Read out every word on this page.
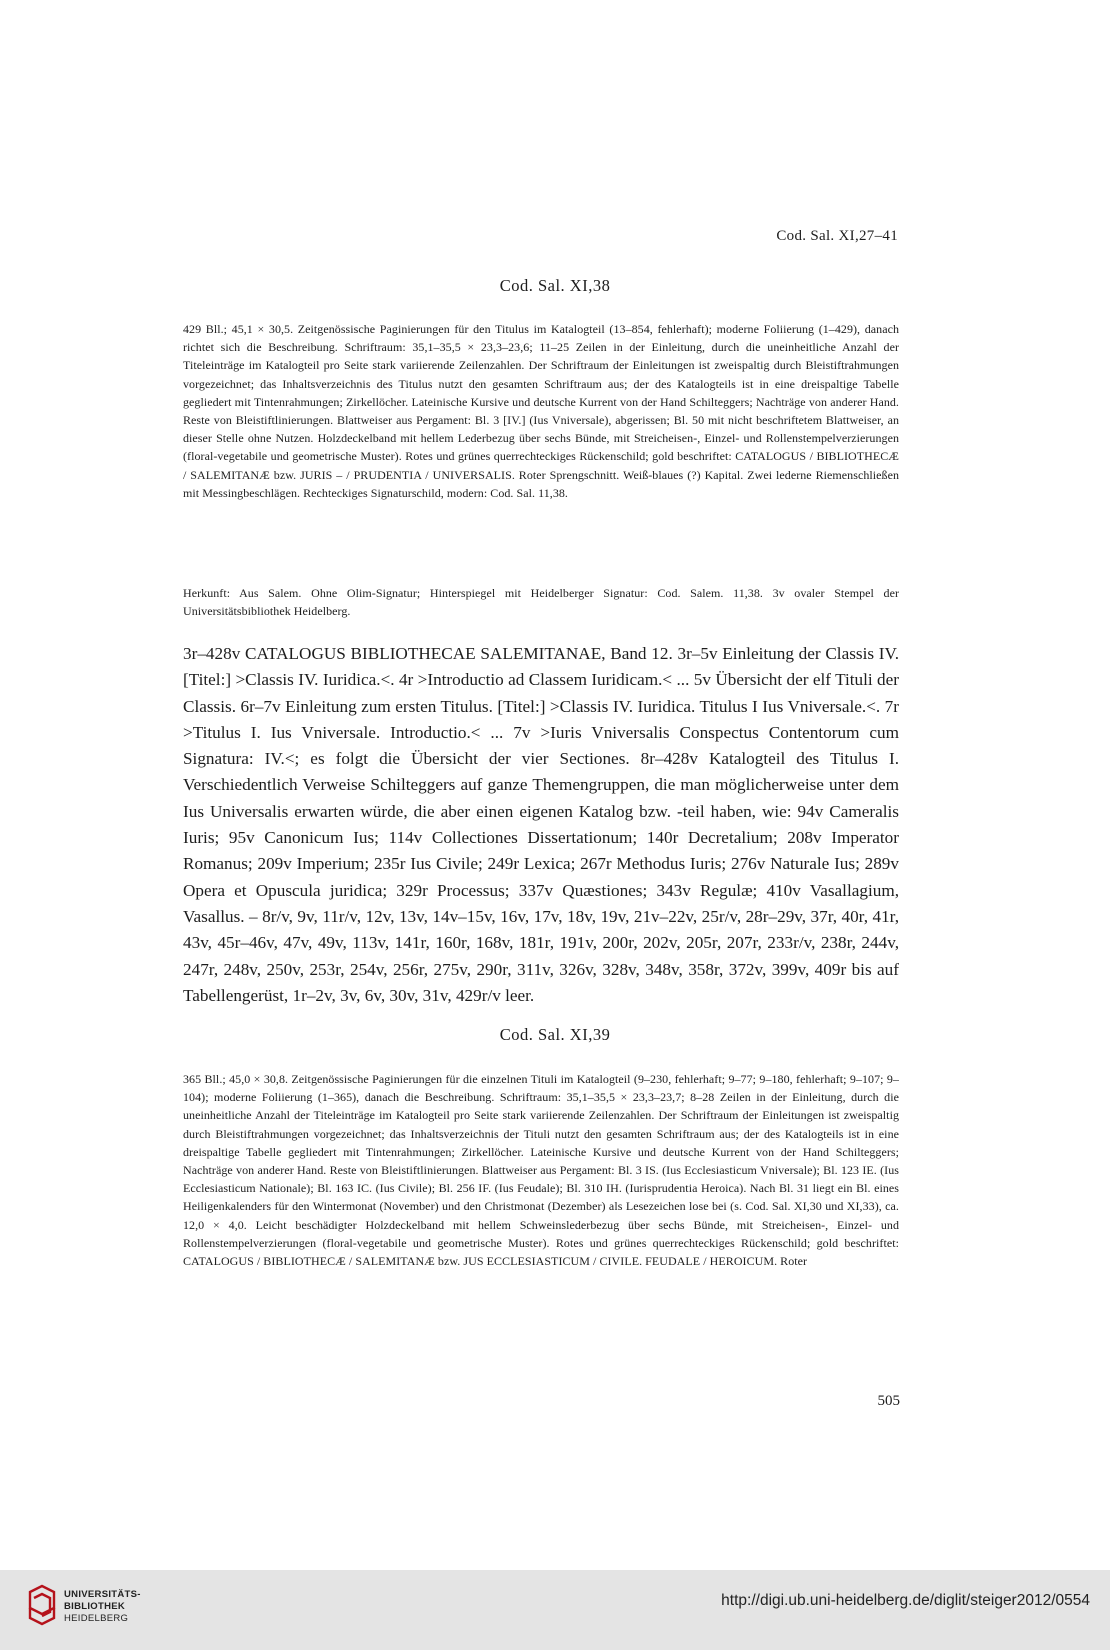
Cod. Sal. XI,27–41
Cod. Sal. XI,38
429 Bll.; 45,1 × 30,5. Zeitgenössische Paginierungen für den Titulus im Katalogteil (13–854, fehlerhaft); moderne Foliierung (1–429), danach richtet sich die Beschreibung. Schriftraum: 35,1–35,5 × 23,3–23,6; 11–25 Zeilen in der Einleitung, durch die uneinheitliche Anzahl der Titeleinträge im Katalogteil pro Seite stark variierende Zeilenzahlen. Der Schriftraum der Einleitungen ist zweispaltig durch Bleistiftrahmungen vorgezeichnet; das Inhaltsverzeichnis des Titulus nutzt den gesamten Schriftraum aus; der des Katalogteils ist in eine dreispaltige Tabelle gegliedert mit Tintenrahmungen; Zirkellöcher. Lateinische Kursive und deutsche Kurrent von der Hand Schilteggers; Nachträge von anderer Hand. Reste von Bleistiftlinierungen. Blattweiser aus Pergament: Bl. 3 [IV.] (Ius Vniversale), abgerissen; Bl. 50 mit nicht beschriftetem Blattweiser, an dieser Stelle ohne Nutzen. Holzdeckelband mit hellem Lederbezug über sechs Bünde, mit Streicheisen-, Einzel- und Rollenstempelverzierungen (floral-vegetabile und geometrische Muster). Rotes und grünes querrechteckiges Rückenschild; gold beschriftet: CATALOGUS / BIBLIOTHECÆ / SALEMITANÆ bzw. JURIS – / PRUDENTIA / UNIVERSALIS. Roter Sprengschnitt. Weiß-blaues (?) Kapital. Zwei lederne Riemenschließen mit Messingbeschlägen. Rechteckiges Signaturschild, modern: Cod. Sal. 11,38.
Herkunft: Aus Salem. Ohne Olim-Signatur; Hinterspiegel mit Heidelberger Signatur: Cod. Salem. 11,38. 3v ovaler Stempel der Universitätsbibliothek Heidelberg.
3r–428v CATALOGUS BIBLIOTHECAE SALEMITANAE, Band 12. 3r–5v Einleitung der Classis IV. [Titel:] >Classis IV. Iuridica.<. 4r >Introductio ad Classem Iuridicam.< ... 5v Übersicht der elf Tituli der Classis. 6r–7v Einleitung zum ersten Titulus. [Titel:] >Classis IV. Iuridica. Titulus I Ius Vniversale.<. 7r >Titulus I. Ius Vniversale. Introductio.< ... 7v >Iuris Vniversalis Conspectus Contentorum cum Signatura: IV.<; es folgt die Übersicht der vier Sectiones. 8r–428v Katalogteil des Titulus I. Verschiedentlich Verweise Schilteggers auf ganze Themengruppen, die man möglicherweise unter dem Ius Universalis erwarten würde, die aber einen eigenen Katalog bzw. -teil haben, wie: 94v Cameralis Iuris; 95v Canonicum Ius; 114v Collectiones Dissertationum; 140r Decretalium; 208v Imperator Romanus; 209v Imperium; 235r Ius Civile; 249r Lexica; 267r Methodus Iuris; 276v Naturale Ius; 289v Opera et Opuscula juridica; 329r Processus; 337v Quæstiones; 343v Regulæ; 410v Vasallagium, Vasallus. – 8r/v, 9v, 11r/v, 12v, 13v, 14v–15v, 16v, 17v, 18v, 19v, 21v–22v, 25r/v, 28r–29v, 37r, 40r, 41r, 43v, 45r–46v, 47v, 49v, 113v, 141r, 160r, 168v, 181r, 191v, 200r, 202v, 205r, 207r, 233r/v, 238r, 244v, 247r, 248v, 250v, 253r, 254v, 256r, 275v, 290r, 311v, 326v, 328v, 348v, 358r, 372v, 399v, 409r bis auf Tabellengerüst, 1r–2v, 3v, 6v, 30v, 31v, 429r/v leer.
Cod. Sal. XI,39
365 Bll.; 45,0 × 30,8. Zeitgenössische Paginierungen für die einzelnen Tituli im Katalogteil (9–230, fehlerhaft; 9–77; 9–180, fehlerhaft; 9–107; 9–104); moderne Foliierung (1–365), danach die Beschreibung. Schriftraum: 35,1–35,5 × 23,3–23,7; 8–28 Zeilen in der Einleitung, durch die uneinheitliche Anzahl der Titeleinträge im Katalogteil pro Seite stark variierende Zeilenzahlen. Der Schriftraum der Einleitungen ist zweispaltig durch Bleistiftrahmungen vorgezeichnet; das Inhaltsverzeichnis der Tituli nutzt den gesamten Schriftraum aus; der des Katalogteils ist in eine dreispaltige Tabelle gegliedert mit Tintenrahmungen; Zirkellöcher. Lateinische Kursive und deutsche Kurrent von der Hand Schilteggers; Nachträge von anderer Hand. Reste von Bleistiftlinierungen. Blattweiser aus Pergament: Bl. 3 IS. (Ius Ecclesiasticum Vniversale); Bl. 123 IE. (Ius Ecclesiasticum Nationale); Bl. 163 IC. (Ius Civile); Bl. 256 IF. (Ius Feudale); Bl. 310 IH. (Iurisprudentia Heroica). Nach Bl. 31 liegt ein Bl. eines Heiligenkalenders für den Wintermonat (November) und den Christmonat (Dezember) als Lesezeichen lose bei (s. Cod. Sal. XI,30 und XI,33), ca. 12,0 × 4,0. Leicht beschädigter Holzdeckelband mit hellem Schweinslederbezug über sechs Bünde, mit Streicheisen-, Einzel- und Rollenstempelverzierungen (floral-vegetabile und geometrische Muster). Rotes und grünes querrechteckiges Rückenschild; gold beschriftet: CATALOGUS / BIBLIOTHECÆ / SALEMITANÆ bzw. JUS ECCLESIASTICUM / CIVILE. FEUDALE / HEROICUM. Roter
505
UNIVERSITÄTS-
BIBLIOTHEK
HEIDELBERG
http://digi.ub.uni-heidelberg.de/diglit/steiger2012/0554
